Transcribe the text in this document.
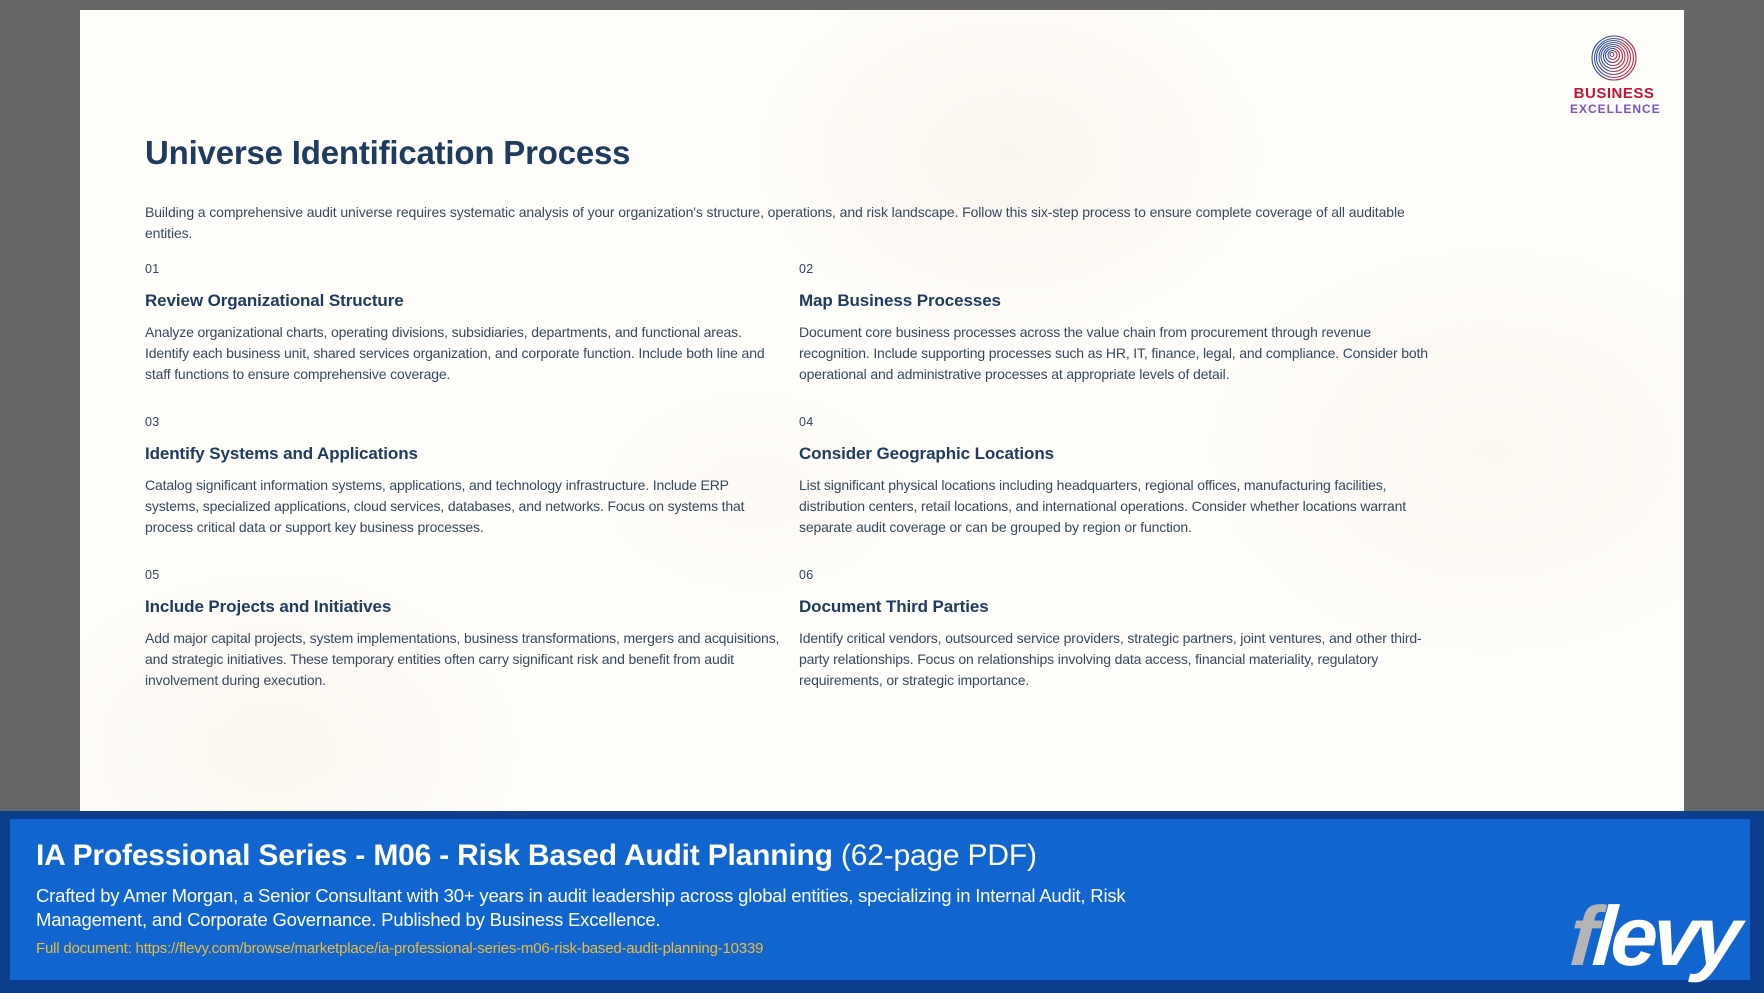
BUSINESS
EXCELLENCE
Universe Identification Process

Building a comprehensive audit universe requires systematic analysis of your organization's structure, operations, and risk landscape. Follow this six-step process to ensure complete coverage of all auditable entities.

01
Review Organizational Structure
Analyze organizational charts, operating divisions, subsidiaries, departments, and functional areas. Identify each business unit, shared services organization, and corporate function. Include both line and staff functions to ensure comprehensive coverage.
02
Map Business Processes
Document core business processes across the value chain from procurement through revenue recognition. Include supporting processes such as HR, IT, finance, legal, and compliance. Consider both operational and administrative processes at appropriate levels of detail.
03
Identify Systems and Applications
Catalog significant information systems, applications, and technology infrastructure. Include ERP systems, specialized applications, cloud services, databases, and networks. Focus on systems that process critical data or support key business processes.
04
Consider Geographic Locations
List significant physical locations including headquarters, regional offices, manufacturing facilities, distribution centers, retail locations, and international operations. Consider whether locations warrant separate audit coverage or can be grouped by region or function.
05
Include Projects and Initiatives
Add major capital projects, system implementations, business transformations, mergers and acquisitions, and strategic initiatives. These temporary entities often carry significant risk and benefit from audit involvement during execution.
06
Document Third Parties
Identify critical vendors, outsourced service providers, strategic partners, joint ventures, and other third-party relationships. Focus on relationships involving data access, financial materiality, regulatory requirements, or strategic importance.
IA Professional Series - M06 - Risk Based Audit Planning (62-page PDF)
Crafted by Amer Morgan, a Senior Consultant with 30+ years in audit leadership across global entities, specializing in Internal Audit, Risk Management, and Corporate Governance. Published by Business Excellence.
Full document: https://flevy.com/browse/marketplace/ia-professional-series-m06-risk-based-audit-planning-10339	flevy
